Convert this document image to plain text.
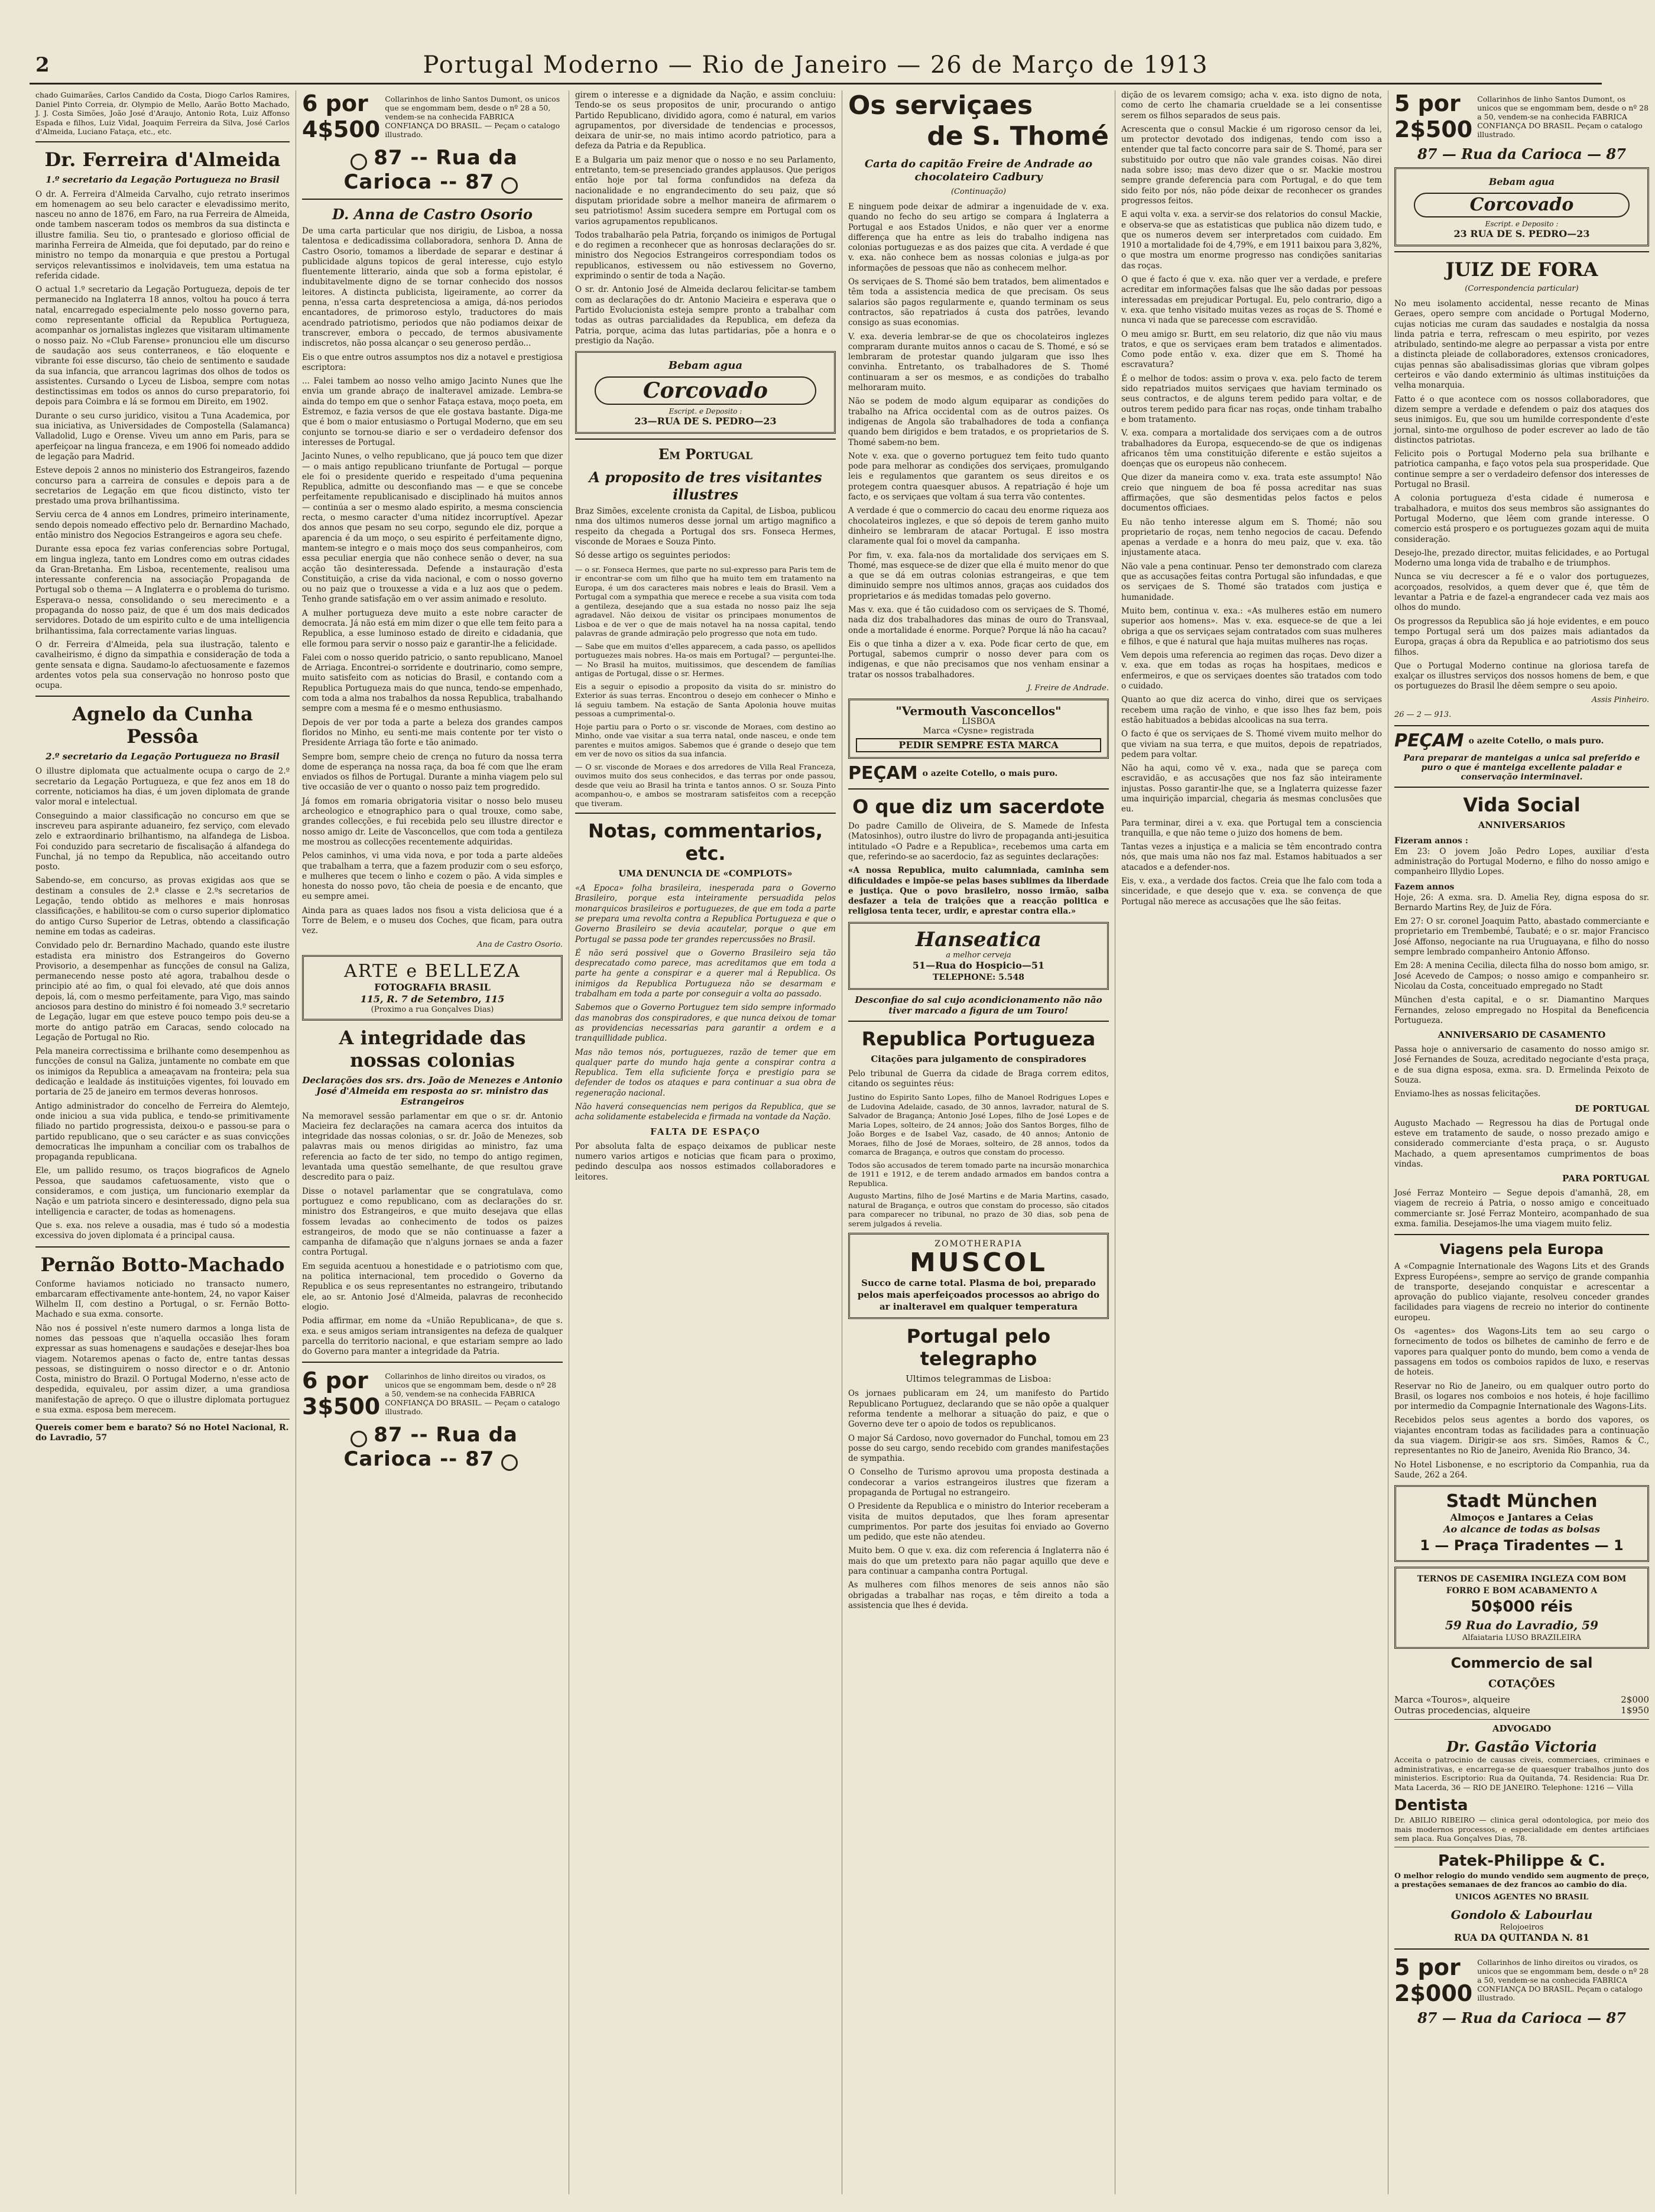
2	Portugal Moderno — Rio de Janeiro — 26 de Março de 1913

chado Guimarães, Carlos Candido da Costa, Diogo Carlos Ramires, Daniel Pinto Correia, dr. Olympio de Mello, Aarão Botto Machado, J. J. Costa Simões, João José d'Araujo, Antonio Rota, Luiz Affonso Espada e filhos, Luiz Vidal, Joaquim Ferreira da Silva, José Carlos d'Almeida, Luciano Fataça, etc., etc.

Dr. Ferreira d'Almeida
1.º secretario da Legação Portugueza no Brasil

O dr. A. Ferreira d'Almeida Carvalho, cujo retrato inserimos em homenagem ao seu belo caracter e elevadissimo merito, nasceu no anno de 1876, em Faro, na rua Ferreira de Almeida, onde tambem nasceram todos os membros da sua distincta e illustre familia. Seu tio, o prantesado e glorioso official de marinha Ferreira de Almeida, que foi deputado, par do reino e ministro no tempo da monarquia e que prestou a Portugal serviços relevantissimos e inolvidaveis, tem uma estatua na referida cidade.

O actual 1.º secretario da Legação Portugueza, depois de ter permanecido na Inglaterra 18 annos, voltou ha pouco á terra natal, encarregado especialmente pelo nosso governo para, como representante official da Republica Portugueza, acompanhar os jornalistas inglezes que visitaram ultimamente o nosso paiz. No «Club Farense» pronunciou elle um discurso de saudação aos seus conterraneos, e tão eloquente e vibrante foi esse discurso, tão cheio de sentimento e saudade da sua infancia, que arrancou lagrimas dos olhos de todos os assistentes. Cursando o Lyceu de Lisboa, sempre com notas destinctissimas em todos os annos do curso preparatorio, foi depois para Coimbra e lá se formou em Direito, em 1902.

Durante o seu curso juridico, visitou a Tuna Academica, por sua iniciativa, as Universidades de Compostella (Salamanca) Valladolid, Lugo e Orense. Viveu um anno em Paris, para se aperfeiçoar na lingua franceza, e em 1906 foi nomeado addido de legação para Madrid.

Esteve depois 2 annos no ministerio dos Estrangeiros, fazendo concurso para a carreira de consules e depois para a de secretarios de Legação em que ficou distincto, visto ter prestado uma prova brilhantissima.

Serviu cerca de 4 annos em Londres, primeiro interinamente, sendo depois nomeado effectivo pelo dr. Bernardino Machado, então ministro dos Negocios Estrangeiros e agora seu chefe.

Durante essa epoca fez varias conferencias sobre Portugal, em lingua ingleza, tanto em Londres como em outras cidades da Gran-Bretanha. Em Lisboa, recentemente, realisou uma interessante conferencia na associação Propaganda de Portugal sob o thema — A Inglaterra e o problema do turismo. Esperava-o nessa, consolidando o seu merecimento e a propaganda do nosso paiz, de que é um dos mais dedicados servidores. Dotado de um espirito culto e de uma intelligencia brilhantissima, fala correctamente varias linguas.

O dr. Ferreira d'Almeida, pela sua ilustração, talento e cavalheirismo, é digno da simpathia e consideração de toda a gente sensata e digna. Saudamo-lo afectuosamente e fazemos ardentes votos pela sua conservação no honroso posto que ocupa.

Agnelo da Cunha Pessôa
2.º secretario da Legação Portugueza no Brasil

O illustre diplomata que actualmente ocupa o cargo de 2.º secretario da Legação Portugueza, e que fez anos em 18 do corrente, noticiamos ha dias, é um joven diplomata de grande valor moral e intelectual.

Conseguindo a maior classificação no concurso em que se inscreveu para aspirante aduaneiro, fez serviço, com elevado zelo e extraordinario brilhantismo, na alfandega de Lisboa. Foi conduzido para secretario de fiscalisação á alfandega do Funchal, já no tempo da Republica, não acceitando outro posto.

Sabendo-se, em concurso, as provas exigidas aos que se destinam a consules de 2.ª classe e 2.ºs secretarios de Legação, tendo obtido as melhores e mais honrosas classificações, e habilitou-se com o curso superior diplomatico do antigo Curso Superior de Letras, obtendo a classificação nemine em todas as cadeiras.

Convidado pelo dr. Bernardino Machado, quando este ilustre estadista era ministro dos Estrangeiros do Governo Provisorio, a desempenhar as funcções de consul na Galiza, permanecendo nesse posto até agora, trabalhou desde o principio até ao fim, o qual foi elevado, até que dois annos depois, lá, com o mesmo perfeitamente, para Vigo, mas saindo anciosos para destino do ministro é foi nomeado 3.º secretario de Legação, lugar em que esteve pouco tempo pois deu-se a morte do antigo patrão em Caracas, sendo colocado na Legação de Portugal no Rio.

Pela maneira correctissima e brilhante como desempenhou as funcções de consul na Galiza, juntamente no combate em que os inimigos da Republica a ameaçavam na fronteira; pela sua dedicação e lealdade ás instituições vigentes, foi louvado em portaria de 25 de janeiro em termos deveras honrosos.

Antigo administrador do concelho de Ferreira do Alemtejo, onde iniciou a sua vida publica, e tendo-se primitivamente filiado no partido progressista, deixou-o e passou-se para o partido republicano, que o seu carácter e as suas convicções democraticas lhe impunham a conciliar com os trabalhos de propaganda republicana.

Ele, um pallido resumo, os traços biograficos de Agnelo Pessoa, que saudamos cafetuosamente, visto que o consideramos, e com justiça, um funcionario exemplar da Nação e um patriota sincero e desinteressado, digno pela sua intelligencia e caracter, de todas as homenagens.

Que s. exa. nos releve a ousadia, mas é tudo só a modestia excessiva do joven diplomata é a principal causa.

Pernão Botto-Machado

Conforme haviamos noticiado no transacto numero, embarcaram effectivamente ante-hontem, 24, no vapor Kaiser Wilhelm II, com destino a Portugal, o sr. Fernão Botto-Machado e sua exma. consorte.

Não nos é possivel n'este numero darmos a longa lista de nomes das pessoas que n'aquella occasião lhes foram expressar as suas homenagens e saudações e desejar-lhes boa viagem. Notaremos apenas o facto de, entre tantas dessas pessoas, se distinguirem o nosso director e o dr. Antonio Costa, ministro do Brazil. O Portugal Moderno, n'esse acto de despedida, equivaleu, por assim dizer, a uma grandiosa manifestação de apreço. O que o illustre diplomata portuguez e sua exma. esposa bem merecem.

Quereis comer bem e barato? Só no Hotel Nacional, R. do Lavradio, 57
6 por 4$500
Collarinhos de linho Santos Dumont, os unicos que se engommam bem, desde o nº 28 a 50, vendem-se na conhecida FABRICA CONFIANÇA DO BRASIL. — Peçam o catalogo illustrado.
87 -- Rua da Carioca -- 87
D. Anna de Castro Osorio

De uma carta particular que nos dirigiu, de Lisboa, a nossa talentosa e dedicadissima collaboradora, senhora D. Anna de Castro Osorio, tomamos a liberdade de separar e destinar á publicidade alguns topicos de geral interesse, cujo estylo fluentemente litterario, ainda que sob a forma epistolar, é indubitavelmente digno de se tornar conhecido dos nossos leitores. A distincta publicista, ligeiramente, ao correr da penna, n'essa carta despretenciosa a amiga, dá-nos periodos encantadores, de primoroso estylo, traductores do mais acendrado patriotismo, periodos que não podiamos deixar de transcrever, embora o peccado, de termos abusivamente indiscretos, não possa alcançar o seu generoso perdão...

Eis o que entre outros assumptos nos diz a notavel e prestigiosa escriptora:

... Falei tambem ao nosso velho amigo Jacinto Nunes que lhe envia um grande abraço de inalteravel amizade. Lembra-se ainda do tempo em que o senhor Fataça estava, moço poeta, em Estremoz, e fazia versos de que ele gostava bastante. Diga-me que é bom o maior entusiasmo o Portugal Moderno, que em seu conjunto se tornou-se diario e ser o verdadeiro defensor dos interesses de Portugal.

Jacinto Nunes, o velho republicano, que já pouco tem que dizer — o mais antigo republicano triunfante de Portugal — porque ele foi o presidente querido e respeitado d'uma pequenina Republica, admitte ou desconfiando mas — e que se concebe perfeitamente republicanisado e disciplinado há muitos annos — continúa a ser o mesmo alado espirito, a mesma consciencia recta, o mesmo caracter d'uma nitidez incorruptível. Apezar dos annos que pesam no seu corpo, segundo ele diz, porque a aparencia é da um moço, o seu espirito é perfeitamente digno, mantem-se integro e o mais moço dos seus companheiros, com essa peculiar energia que não conhece senão o dever, na sua acção tão desinteressada. Defende a instauração d'esta Constituição, a crise da vida nacional, e com o nosso governo ou no paiz que o trouxesse a vida e a luz aos que o pedem. Tenho grande satisfação em o ver assim animado e resoluto.

A mulher portugueza deve muito a este nobre caracter de democrata. Já não está em mim dizer o que elle tem feito para a Republica, a esse luminoso estado de direito e cidadania, que elle formou para servir o nosso paiz e garantir-lhe a felicidade.

Falei com o nosso querido patricio, o santo republicano, Manoel de Arriaga. Encontrei-o sorridente e doutrinario, como sempre, muito satisfeito com as noticias do Brasil, e contando com a Republica Portugueza mais do que nunca, tendo-se empenhado, com toda a alma nos trabalhos da nossa Republica, trabalhando sempre com a mesma fé e o mesmo enthusiasmo.

Depois de ver por toda a parte a beleza dos grandes campos floridos no Minho, eu senti-me mais contente por ter visto o Presidente Arriaga tão forte e tão animado.

Sempre bom, sempre cheio de crença no futuro da nossa terra dome de esperança na nossa raça, da boa fé com que lhe eram enviados os filhos de Portugal. Durante a minha viagem pelo sul tive occasião de ver o quanto o nosso paiz tem progredido.

Já fomos em romaria obrigatoria visitar o nosso belo museu archeologico e etnographico para o qual trouxe, como sabe, grandes collecções, e fui recebida pelo seu illustre director e nosso amigo dr. Leite de Vasconcellos, que com toda a gentileza me mostrou as collecções recentemente adquiridas.

Pelos caminhos, vi uma vida nova, e por toda a parte aldeões que trabalham a terra, que a fazem produzir com o seu esforço, e mulheres que tecem o linho e cozem o pão. A vida simples e honesta do nosso povo, tão cheia de poesia e de encanto, que eu sempre amei.

Ainda para as quaes lados nos fisou a vista deliciosa que é a Torre de Belem, e o museu dos Coches, que ficam, para outra vez.

Ana de Castro Osorio.
ARTE e BELLEZA
FOTOGRAFIA BRASIL
115, R. 7 de Setembro, 115
(Proximo a rua Gonçalves Dias)
A integridade das nossas colonias
Declarações dos srs. drs. João de Menezes e Antonio José d'Almeida em resposta ao sr. ministro das Estrangeiros

Na memoravel sessão parlamentar em que o sr. dr. Antonio Macieira fez declarações na camara acerca dos intuitos da integridade das nossas colonias, o sr. dr. João de Menezes, sob palavras mais ou menos dirigidas ao ministro, faz uma referencia ao facto de ter sido, no tempo do antigo regimen, levantada uma questão semelhante, de que resultou grave descredito para o paiz.

Disse o notavel parlamentar que se congratulava, como portuguez e como republicano, com as declarações do sr. ministro dos Estrangeiros, e que muito desejava que ellas fossem levadas ao conhecimento de todos os paizes estrangeiros, de modo que se não continuasse a fazer a campanha de difamação que n'alguns jornaes se anda a fazer contra Portugal.

Em seguida acentuou a honestidade e o patriotismo com que, na politica internacional, tem procedido o Governo da Republica e os seus representantes no estrangeiro, tributando ele, ao sr. Antonio José d'Almeida, palavras de reconhecido elogio.

Podia affirmar, em nome da «União Republicana», de que s. exa. e seus amigos seriam intransigentes na defeza de qualquer parcella do territorio nacional, e que estariam sempre ao lado do Governo para manter a integridade da Patria.

6 por 3$500
Collarinhos de linho direitos ou virados, os unicos que se engommam bem, desde o nº 28 a 50, vendem-se na conhecida FABRICA CONFIANÇA DO BRASIL. — Peçam o catalogo illustrado.
87 -- Rua da Carioca -- 87

girem o interesse e a dignidade da Nação, e assim concluiu: Tendo-se os seus propositos de unir, procurando o antigo Partido Republicano, dividido agora, como é natural, em varios agrupamentos, por diversidade de tendencias e processos, deixara de unir-se, no mais intimo acordo patriotico, para a defeza da Patria e da Republica.

E a Bulgaria um paiz menor que o nosso e no seu Parlamento, entretanto, tem-se presenciado grandes applausos. Que perigos então hoje por tal forma confundidos na defeza da nacionalidade e no engrandecimento do seu paiz, que só disputam prioridade sobre a melhor maneira de afirmarem o seu patriotismo! Assim sucedera sempre em Portugal com os varios agrupamentos republicanos.

Todos trabalharão pela Patria, forçando os inimigos de Portugal e do regimen a reconhecer que as honrosas declarações do sr. ministro dos Negocios Estrangeiros correspondiam todos os republicanos, estivessem ou não estivessem no Governo, exprimindo o sentir de toda a Nação.

O sr. dr. Antonio José de Almeida declarou felicitar-se tambem com as declarações do dr. Antonio Macieira e esperava que o Partido Evolucionista esteja sempre pronto a trabalhar com todas as outras parcialidades da Republica, em defeza da Patria, porque, acima das lutas partidarias, põe a honra e o prestigio da Nação.

Bebam agua
Corcovado
Escript. e Deposito :
23—RUA DE S. PEDRO—23
Em Portugal
A proposito de tres visitantes illustres

Braz Simões, excelente cronista da Capital, de Lisboa, publicou nma dos ultimos numeros desse jornal um artigo magnifico a respeito da chegada a Portugal dos srs. Fonseca Hermes, visconde de Moraes e Souza Pinto.

Só desse artigo os seguintes periodos:

— o sr. Fonseca Hermes, que parte no sul-expresso para Paris tem de ir encontrar-se com um filho que ha muito tem em tratamento na Europa, é um dos caracteres mais nobres e leais do Brasil. Vem a Portugal com a sympathia que merece e recebe a sua visita com toda a gentileza, desejando que a sua estada no nosso paiz lhe seja agradavel. Não deixou de visitar os principaes monumentos de Lisboa e de ver o que de mais notavel ha na nossa capital, tendo palavras de grande admiração pelo progresso que nota em tudo.

— Sabe que em muitos d'elles apparecem, a cada passo, os apellidos portuguezes mais nobres. Ha-os mais em Portugal? — perguntei-lhe. — No Brasil ha muitos, muitissimos, que descendem de famílias antigas de Portugal, disse o sr. Hermes.

Eis a seguir o episodio a proposito da visita do sr. ministro do Exterior ás suas terras. Encontrou o desejo em conhecer o Minho e lá seguiu tambem. Na estação de Santa Apolonia houve muitas pessoas a cumprimental-o.

Hoje partiu para o Porto o sr. visconde de Moraes, com destino ao Minho, onde vae visitar a sua terra natal, onde nasceu, e onde tem parentes e muitos amigos. Sabemos que é grande o desejo que tem em ver de novo os sitios da sua infancia.

— O sr. visconde de Moraes e dos arredores de Villa Real Franceza, ouvimos muito dos seus conhecidos, e das terras por onde passou, desde que veiu ao Brasil ha trinta e tantos annos. O sr. Souza Pinto acompanhou-o, e ambos se mostraram satisfeitos com a recepção que tiveram.

Notas, commentarios, etc.
UMA DENUNCIA DE «COMPLOTS»

«A Epoca» folha brasileira, inesperada para o Governo Brasileiro, porque esta inteiramente persuadida pelos monarquicos brasileiros e portuguezes, de que em toda a parte se prepara uma revolta contra a Republica Portugueza e que o Governo Brasileiro se devia acautelar, porque o que em Portugal se passa pode ter grandes repercussões no Brasil.

É não será possivel que o Governo Brasileiro seja tão desprecatado como parece, mas acreditamos que em toda a parte ha gente a conspirar e a querer mal á Republica. Os inimigos da Republica Portugueza não se desarmam e trabalham em toda a parte por conseguir a volta ao passado.

Sabemos que o Governo Portuguez tem sido sempre informado das manobras dos conspiradores, e que nunca deixou de tomar as providencias necessarias para garantir a ordem e a tranquillidade publica.

Mas não temos nós, portuguezes, razão de temer que em qualquer parte do mundo haja gente a conspirar contra a Republica. Tem ella suficiente força e prestigio para se defender de todos os ataques e para continuar a sua obra de regeneração nacional.

Não haverá consequencias nem perigos da Republica, que se acha solidamente estabelecida e firmada na vontade da Nação.

FALTA DE ESPAÇO

Por absoluta falta de espaço deixamos de publicar neste numero varios artigos e noticias que ficam para o proximo, pedindo desculpa aos nossos estimados collaboradores e leitores.

Os serviçaes
de S. Thomé
Carta do capitão Freire de Andrade ao chocolateiro Cadbury
(Continuação)

E ninguem pode deixar de admirar a ingenuidade de v. exa. quando no fecho do seu artigo se compara á Inglaterra a Portugal e aos Estados Unidos, e não quer ver a enorme differença que ha entre as leis do trabalho indigena nas colonias portuguezas e as dos paizes que cita. A verdade é que v. exa. não conhece bem as nossas colonias e julga-as por informações de pessoas que não as conhecem melhor.

Os serviçaes de S. Thomé são bem tratados, bem alimentados e têm toda a assistencia medica de que precisam. Os seus salarios são pagos regularmente e, quando terminam os seus contractos, são repatriados á custa dos patrões, levando consigo as suas economias.

V. exa. deveria lembrar-se de que os chocolateiros inglezes compraram durante muitos annos o cacau de S. Thomé, e só se lembraram de protestar quando julgaram que isso lhes convinha. Entretanto, os trabalhadores de S. Thomé continuaram a ser os mesmos, e as condições do trabalho melhoraram muito.

Não se podem de modo algum equiparar as condições do trabalho na Africa occidental com as de outros paizes. Os indigenas de Angola são trabalhadores de toda a confiança quando bem dirigidos e bem tratados, e os proprietarios de S. Thomé sabem-no bem.

Note v. exa. que o governo portuguez tem feito tudo quanto pode para melhorar as condições dos serviçaes, promulgando leis e regulamentos que garantem os seus direitos e os protegem contra quaesquer abusos. A repatriação é hoje um facto, e os serviçaes que voltam á sua terra vão contentes.

A verdade é que o commercio do cacau deu enorme riqueza aos chocolateiros inglezes, e que só depois de terem ganho muito dinheiro se lembraram de atacar Portugal. E isso mostra claramente qual foi o movel da campanha.

Por fim, v. exa. fala-nos da mortalidade dos serviçaes em S. Thomé, mas esquece-se de dizer que ella é muito menor do que a que se dá em outras colonias estrangeiras, e que tem diminuido sempre nos ultimos annos, graças aos cuidados dos proprietarios e ás medidas tomadas pelo governo.

Mas v. exa. que é tão cuidadoso com os serviçaes de S. Thomé, nada diz dos trabalhadores das minas de ouro do Transvaal, onde a mortalidade é enorme. Porque? Porque lá não ha cacau?

Eis o que tinha a dizer a v. exa. Pode ficar certo de que, em Portugal, sabemos cumprir o nosso dever para com os indigenas, e que não precisamos que nos venham ensinar a tratar os nossos trabalhadores.

J. Freire de Andrade.
"Vermouth Vasconcellos"
LISBOA
Marca «Cysne» registrada
PEDIR SEMPRE ESTA MARCA
PEÇAM o azeite Cotello, o mais puro.
O que diz um sacerdote

Do padre Camillo de Oliveira, de S. Mamede de Infesta (Matosinhos), outro ilustre do livro de propaganda anti-jesuitica intitulado «O Padre e a Republica», recebemos uma carta em que, referindo-se ao sacerdocio, faz as seguintes declarações:

«A nossa Republica, muito calumniada, caminha sem dificuldades e impõe-se pelas bases sublimes da liberdade e justiça. Que o povo brasileiro, nosso irmão, saiba desfazer a teia de traições que a reacção politica e religiosa tenta tecer, urdir, e aprestar contra ella.»

Hanseatica
a melhor cerveja
51—Rua do Hospicio—51
TELEPHONE: 5.548
Desconfiae do sal cujo acondicionamento não não tiver marcado a figura de um Touro!
Republica Portugueza
Citações para julgamento de conspiradores

Pelo tribunal de Guerra da cidade de Braga correm editos, citando os seguintes réus:

Justino do Espirito Santo Lopes, filho de Manoel Rodrigues Lopes e de Ludovina Adelaide, casado, de 30 annos, lavrador, natural de S. Salvador de Bragança; Antonio José Lopes, filho de José Lopes e de Maria Lopes, solteiro, de 24 annos; João dos Santos Borges, filho de João Borges e de Isabel Vaz, casado, de 40 annos; Antonio de Moraes, filho de José de Moraes, solteiro, de 28 annos, todos da comarca de Bragança, e outros que constam do processo.

Todos são accusados de terem tomado parte na incursão monarchica de 1911 e 1912, e de terem andado armados em bandos contra a Republica.

Augusto Martins, filho de José Martins e de Maria Martins, casado, natural de Bragança, e outros que constam do processo, são citados para comparecer no tribunal, no prazo de 30 dias, sob pena de serem julgados á revelia.

ZOMOTHERAPIA
MUSCOL
Succo de carne total. Plasma de boi, preparado pelos mais aperfeiçoados processos ao abrigo do ar inalteravel em qualquer temperatura
Portugal pelo telegrapho
Ultimos telegrammas de Lisboa:

Os jornaes publicaram em 24, um manifesto do Partido Republicano Portuguez, declarando que se não opõe a qualquer reforma tendente a melhorar a situação do paiz, e que o Governo deve ter o apoio de todos os republicanos.

O major Sá Cardoso, novo governador do Funchal, tomou em 23 posse do seu cargo, sendo recebido com grandes manifestações de sympathia.

O Conselho de Turismo aprovou uma proposta destinada a condecorar a varios estrangeiros ilustres que fizeram a propaganda de Portugal no estrangeiro.

O Presidente da Republica e o ministro do Interior receberam a visita de muitos deputados, que lhes foram apresentar cumprimentos. Por parte dos jesuitas foi enviado ao Governo um pedido, que este não atendeu.

Muito bem. O que v. exa. diz com referencia á Inglaterra não é mais do que um pretexto para não pagar aquillo que deve e para continuar a campanha contra Portugal.

As mulheres com filhos menores de seis annos não são obrigadas a trabalhar nas roças, e têm direito a toda a assistencia que lhes é devida.

dição de os levarem comsigo; acha v. exa. isto digno de nota, como de certo lhe chamaria crueldade se a lei consentisse serem os filhos separados de seus pais.

Acrescenta que o consul Mackie é um rigoroso censor da lei, um protector devotado dos indigenas, tendo com isso a entender que tal facto concorre para sair de S. Thomé, para ser substituido por outro que não vale grandes coisas. Não direi nada sobre isso; mas devo dizer que o sr. Mackie mostrou sempre grande deferencia para com Portugal, e do que tem sido feito por nós, não póde deixar de reconhecer os grandes progressos feitos.

E aqui volta v. exa. a servir-se dos relatorios do consul Mackie, e observa-se que as estatisticas que publica não dizem tudo, e que os numeros devem ser interpretados com cuidado. Em 1910 a mortalidade foi de 4,79%, e em 1911 baixou para 3,82%, o que mostra um enorme progresso nas condições sanitarias das roças.

O que é facto é que v. exa. não quer ver a verdade, e prefere acreditar em informações falsas que lhe são dadas por pessoas interessadas em prejudicar Portugal. Eu, pelo contrario, digo a v. exa. que tenho visitado muitas vezes as roças de S. Thomé e nunca vi nada que se parecesse com escravidão.

O meu amigo sr. Burtt, em seu relatorio, diz que não viu maus tratos, e que os serviçaes eram bem tratados e alimentados. Como pode então v. exa. dizer que em S. Thomé ha escravatura?

É o melhor de todos: assim o prova v. exa. pelo facto de terem sido repatriados muitos serviçaes que haviam terminado os seus contractos, e de alguns terem pedido para voltar, e de outros terem pedido para ficar nas roças, onde tinham trabalho e bom tratamento.

V. exa. compara a mortalidade dos serviçaes com a de outros trabalhadores da Europa, esquecendo-se de que os indigenas africanos têm uma constituição diferente e estão sujeitos a doenças que os europeus não conhecem.

Que dizer da maneira como v. exa. trata este assumpto! Não creio que ninguem de boa fé possa acreditar nas suas affirmações, que são desmentidas pelos factos e pelos documentos officiaes.

Eu não tenho interesse algum em S. Thomé; não sou proprietario de roças, nem tenho negocios de cacau. Defendo apenas a verdade e a honra do meu paiz, que v. exa. tão injustamente ataca.

Não vale a pena continuar. Penso ter demonstrado com clareza que as accusações feitas contra Portugal são infundadas, e que os serviçaes de S. Thomé são tratados com justiça e humanidade.

Muito bem, continua v. exa.: «As mulheres estão em numero superior aos homens». Mas v. exa. esquece-se de que a lei obriga a que os serviçaes sejam contratados com suas mulheres e filhos, e que é natural que haja muitas mulheres nas roças.

Vem depois uma referencia ao regimen das roças. Devo dizer a v. exa. que em todas as roças ha hospitaes, medicos e enfermeiros, e que os serviçaes doentes são tratados com todo o cuidado.

Quanto ao que diz acerca do vinho, direi que os serviçaes recebem uma ração de vinho, e que isso lhes faz bem, pois estão habituados a bebidas alcoolicas na sua terra.

O facto é que os serviçaes de S. Thomé vivem muito melhor do que viviam na sua terra, e que muitos, depois de repatriados, pedem para voltar.

Não ha aqui, como vê v. exa., nada que se pareça com escravidão, e as accusações que nos faz são inteiramente injustas. Posso garantir-lhe que, se a Inglaterra quizesse fazer uma inquirição imparcial, chegaria ás mesmas conclusões que eu.

Para terminar, direi a v. exa. que Portugal tem a consciencia tranquilla, e que não teme o juizo dos homens de bem.

Tantas vezes a injustiça e a malicia se têm encontrado contra nós, que mais uma não nos faz mal. Estamos habituados a ser atacados e a defender-nos.

Eis, v. exa., a verdade dos factos. Creia que lhe falo com toda a sinceridade, e que desejo que v. exa. se convença de que Portugal não merece as accusações que lhe são feitas.

5 por 2$500
Collarinhos de linho Santos Dumont, os unicos que se engommam bem, desde o nº 28 a 50, vendem-se na conhecida FABRICA CONFIANÇA DO BRASIL. Peçam o catalogo illustrado.
87 — Rua da Carioca — 87
Bebam agua
Corcovado
Escript. e Deposito :
23 RUA DE S. PEDRO—23
JUIZ DE FORA
(Correspondencia particular)

No meu isolamento accidental, nesse recanto de Minas Geraes, opero sempre com ancidade o Portugal Moderno, cujas noticias me curam das saudades e nostalgia da nossa linda patria e terra, refrescam o meu espirito, por vezes atribulado, sentindo-me alegre ao perpassar a vista por entre a distincta pleiade de collaboradores, extensos cronicadores, cujas pennas são abalisadissimas glorias que vibram golpes certeiros e vão dando exterminio ás ultimas instituições da velha monarquia.

Fatto é o que acontece com os nossos collaboradores, que dizem sempre a verdade e defendem o paiz dos ataques dos seus inimigos. Eu, que sou um humilde correspondente d'este jornal, sinto-me orgulhoso de poder escrever ao lado de tão distinctos patriotas.

Felicito pois o Portugal Moderno pela sua brilhante e patriotica campanha, e faço votos pela sua prosperidade. Que continue sempre a ser o verdadeiro defensor dos interesses de Portugal no Brasil.

A colonia portugueza d'esta cidade é numerosa e trabalhadora, e muitos dos seus membros são assignantes do Portugal Moderno, que lêem com grande interesse. O comercio está prospero e os portuguezes gozam aqui de muita consideração.

Desejo-lhe, prezado director, muitas felicidades, e ao Portugal Moderno uma longa vida de trabalho e de triumphos.

Nunca se viu decrescer a fé e o valor dos portuguezes, acorçoados, resolvidos, a quem dever que é, que têm de levantar a Patria e de fazel-a engrandecer cada vez mais aos olhos do mundo.

Os progressos da Republica são já hoje evidentes, e em pouco tempo Portugal será um dos paizes mais adiantados da Europa, graças á obra da Republica e ao patriotismo dos seus filhos.

Que o Portugal Moderno continue na gloriosa tarefa de exalçar os illustres serviços dos nossos homens de bem, e que os portuguezes do Brasil lhe dêem sempre o seu apoio.

Assis Pinheiro.
26 — 2 — 913.
PEÇAM o azeite Cotello, o mais puro.
Para preparar de manteigas a unica sal preferido e puro o que é manteiga excellente paladar e conservação interminavel.
Vida Social
ANNIVERSARIOS
Fizeram annos :

Em 23: O jovem João Pedro Lopes, auxiliar d'esta administração do Portugal Moderno, e filho do nosso amigo e companheiro Illydio Lopes.

Fazem annos

Hoje, 26: A exma. sra. D. Amelia Rey, digna esposa do sr. Bernardo Martins Rey, de Juiz de Fóra.

Em 27: O sr. coronel Joaquim Patto, abastado commerciante e proprietario em Trembembé, Taubaté; e o sr. major Francisco José Affonso, negociante na rua Uruguayana, e filho do nosso sempre lembrado companheiro Antonio Affonso.

Em 28: A menina Cecilia, dilecta filha do nosso bom amigo, sr. José Acevedo de Campos; o nosso amigo e companheiro sr. Nicolau da Costa, conceituado empregado no Stadt

München d'esta capital, e o sr. Diamantino Marques Fernandes, zeloso empregado no Hospital da Beneficencia Portugueza.

ANNIVERSARIO DE CASAMENTO

Passa hoje o anniversario de casamento do nosso amigo sr. José Fernandes de Souza, acreditado negociante d'esta praça, e de sua digna esposa, exma. sra. D. Ermelinda Peixoto de Souza.

Enviamo-lhes as nossas felicitações.

DE PORTUGAL

Augusto Machado — Regressou ha dias de Portugal onde esteve em tratamento de saude, o nosso prezado amigo e considerado commerciante d'esta praça, o sr. Augusto Machado, a quem apresentamos cumprimentos de boas vindas.

PARA PORTUGAL

José Ferraz Monteiro — Segue depois d'amanhã, 28, em viagem de recreio á Patria, o nosso amigo e conceituado commerciante sr. José Ferraz Monteiro, acompanhado de sua exma. familia. Desejamos-lhe uma viagem muito feliz.

Viagens pela Europa

A «Compagnie Internationale des Wagons Lits et des Grands Express Européens», sempre ao serviço de grande companhia de transporte, desejando conquistar e acrescentar a aprovação do publico viajante, resolveu conceder grandes facilidades para viagens de recreio no interior do continente europeu.

Os «agentes» dos Wagons-Lits tem ao seu cargo o fornecimento de todos os bilhetes de caminho de ferro e de vapores para qualquer ponto do mundo, bem como a venda de passagens em todos os comboios rapidos de luxo, e reservas de hoteis.

Reservar no Rio de Janeiro, ou em qualquer outro porto do Brasil, os logares nos comboios e nos hoteis, é hoje facillimo por intermedio da Compagnie Internationale des Wagons-Lits.

Recebidos pelos seus agentes a bordo dos vapores, os viajantes encontram todas as facilidades para a continuação da sua viagem. Dirigir-se aos srs. Simões, Ramos & C., representantes no Rio de Janeiro, Avenida Rio Branco, 34.

No Hotel Lisbonense, e no escriptorio da Companhia, rua da Saude, 262 a 264.

Stadt München
Almoços e Jantares a Ceias
Ao alcance de todas as bolsas
1 — Praça Tiradentes — 1
TERNOS DE CASEMIRA INGLEZA COM BOM FORRO E BOM ACABAMENTO A
50$000 réis
59 Rua do Lavradio, 59
Alfaiataria LUSO BRAZILEIRA
Commercio de sal
COTAÇÕES
Marca «Touros», alqueire	2$000
Outras procedencias, alqueire	1$950
ADVOGADO
Dr. Gastão Victoria

Acceita o patrocinio de causas civeis, commerciaes, criminaes e administrativas, e encarrega-se de quaesquer trabalhos junto dos ministerios. Escriptorio: Rua da Quitanda, 74. Residencia: Rua Dr. Mata Lacerda, 36 — RIO DE JANEIRO. Telephone: 1216 — Villa

Dentista

Dr. ABILIO RIBEIRO — clinica geral odontologica, por meio dos mais modernos processos, e especialidade em dentes artificiaes sem placa. Rua Gonçalves Dias, 78.

Patek-Philippe & C.

O melhor relogio do mundo vendido sem augmento de preço, a prestações semanaes de dez francos ao cambio do dia.

UNICOS AGENTES NO BRASIL
Gondolo & Labourlau
Relojoeiros
RUA DA QUITANDA N. 81
5 por 2$000
Collarinhos de linho direitos ou virados, os unicos que se engommam bem, desde o nº 28 a 50, vendem-se na conhecida FABRICA CONFIANÇA DO BRASIL. Peçam o catalogo illustrado.
87 — Rua da Carioca — 87
